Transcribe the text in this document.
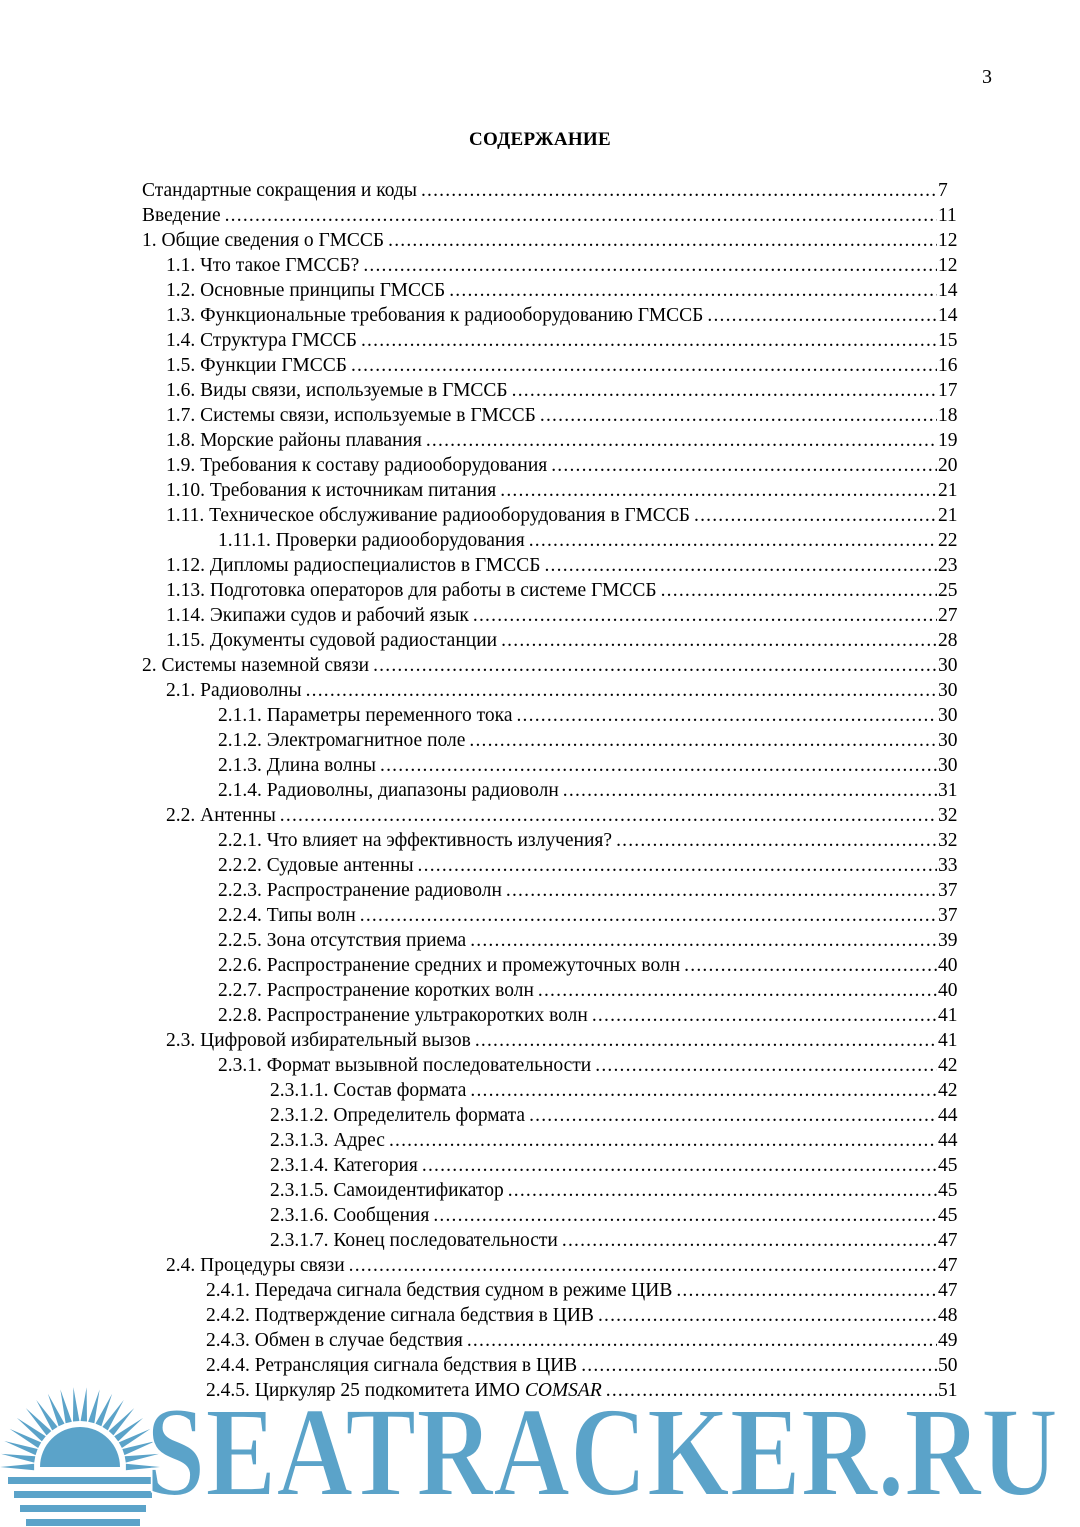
3
СОДЕРЖАНИЕ
Стандартные сокращения и коды .....	7
Введение .....	11
1. Общие сведения о ГМССБ .....	12
1.1. Что такое ГМССБ? .....	12
1.2. Основные принципы ГМССБ .....	14
1.3. Функциональные требования к радиооборудованию ГМССБ .....	14
1.4. Структура ГМССБ .....	15
1.5. Функции ГМССБ .....	16
1.6. Виды связи, используемые в ГМССБ .....	17
1.7. Системы связи, используемые в ГМССБ .....	18
1.8. Морские районы плавания .....	19
1.9. Требования к составу радиооборудования .....	20
1.10. Требования к источникам питания .....	21
1.11. Техническое обслуживание радиооборудования в ГМССБ .....	21
1.11.1. Проверки радиооборудования .....	22
1.12. Дипломы радиоспециалистов в ГМССБ .....	23
1.13. Подготовка операторов для работы в системе ГМССБ .....	25
1.14. Экипажи судов и рабочий язык .....	27
1.15. Документы судовой радиостанции .....	28
2. Системы наземной связи .....	30
2.1. Радиоволны .....	30
2.1.1. Параметры переменного тока .....	30
2.1.2. Электромагнитное поле .....	30
2.1.3. Длина волны .....	30
2.1.4. Радиоволны, диапазоны радиоволн .....	31
2.2. Антенны .....	32
2.2.1. Что влияет на эффективность излучения? .....	32
2.2.2. Судовые антенны .....	33
2.2.3. Распространение радиоволн .....	37
2.2.4. Типы волн .....	37
2.2.5. Зона отсутствия приема .....	39
2.2.6. Распространение средних и промежуточных волн .....	40
2.2.7. Распространение коротких волн .....	40
2.2.8. Распространение ультракоротких волн .....	41
2.3. Цифровой избирательный вызов .....	41
2.3.1. Формат вызывной последовательности .....	42
2.3.1.1. Состав формата .....	42
2.3.1.2. Определитель формата .....	44
2.3.1.3. Адрес .....	44
2.3.1.4. Категория .....	45
2.3.1.5. Самоидентификатор .....	45
2.3.1.6. Сообщения .....	45
2.3.1.7. Конец последовательности .....	47
2.4. Процедуры связи .....	47
2.4.1. Передача сигнала бедствия судном в режиме ЦИВ .....	47
2.4.2. Подтверждение сигнала бедствия в ЦИВ .....	48
2.4.3. Обмен в случае бедствия .....	49
2.4.4. Ретрансляция сигнала бедствия в ЦИВ .....	50
2.4.5. Циркуляр 25 подкомитета ИМО COMSAR .....	51
SEATRACKER.RU
